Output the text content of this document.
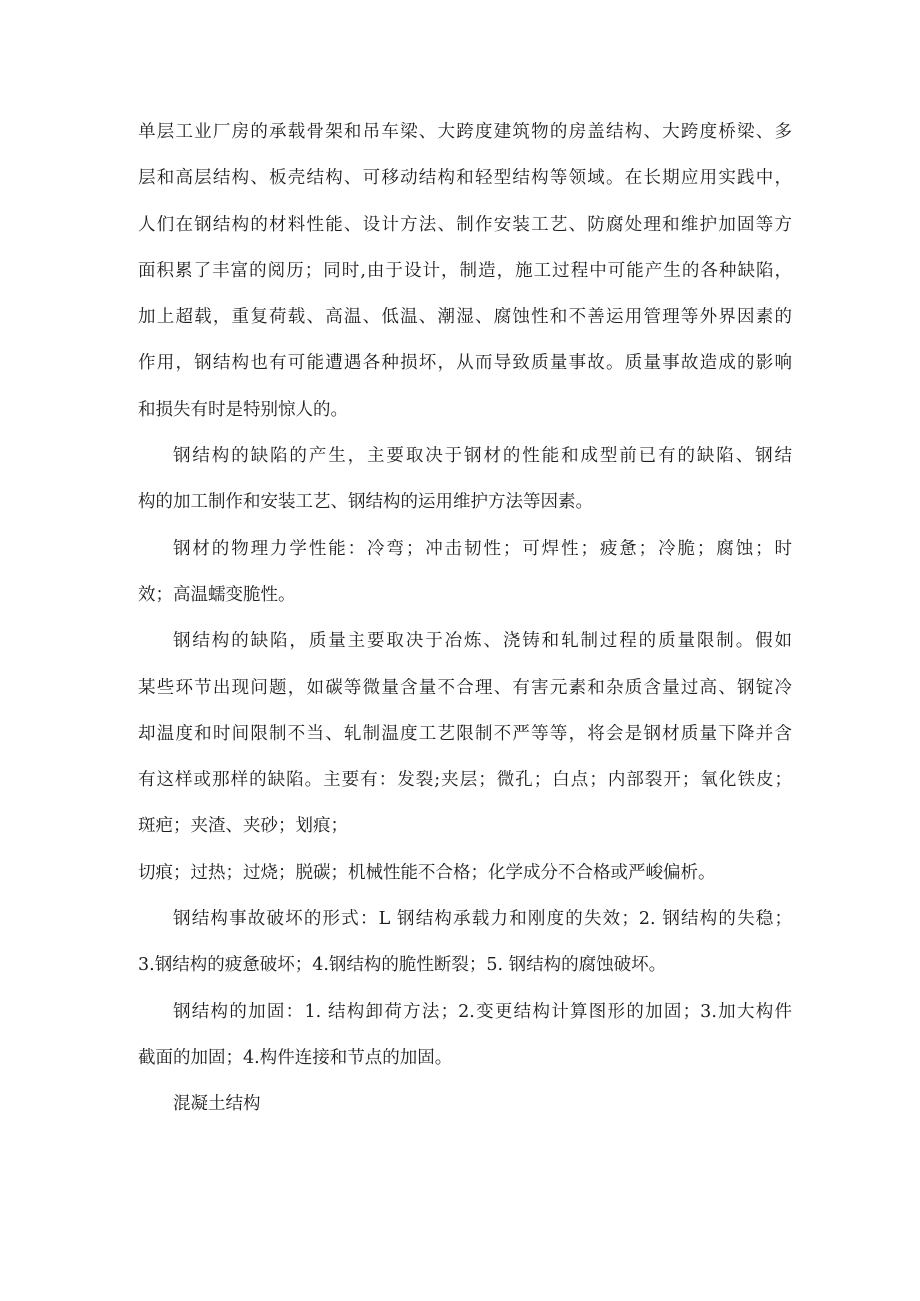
单层工业厂房的承载骨架和吊车梁、大跨度建筑物的房盖结构、大跨度桥梁、多
层和高层结构、板壳结构、可移动结构和轻型结构等领域。在长期应用实践中，
人们在钢结构的材料性能、设计方法、制作安装工艺、防腐处理和维护加固等方
面积累了丰富的阅历；同时,由于设计，制造，施工过程中可能产生的各种缺陷，
加上超载，重复荷载、高温、低温、潮湿、腐蚀性和不善运用管理等外界因素的
作用，钢结构也有可能遭遇各种损坏，从而导致质量事故。质量事故造成的影响
和损失有时是特别惊人的。
钢结构的缺陷的产生，主要取决于钢材的性能和成型前已有的缺陷、钢结
构的加工制作和安装工艺、钢结构的运用维护方法等因素。
钢材的物理力学性能：冷弯；冲击韧性；可焊性；疲惫；冷脆；腐蚀；时
效；高温蠕变脆性。
钢结构的缺陷，质量主要取决于冶炼、浇铸和轧制过程的质量限制。假如
某些环节出现问题，如碳等微量含量不合理、有害元素和杂质含量过高、钢锭冷
却温度和时间限制不当、轧制温度工艺限制不严等等，将会是钢材质量下降并含
有这样或那样的缺陷。主要有：发裂;夹层；微孔；白点；内部裂开；氧化铁皮；
斑疤；夹渣、夹砂；划痕；
切痕；过热；过烧；脱碳；机械性能不合格；化学成分不合格或严峻偏析。
钢结构事故破坏的形式：L 钢结构承载力和刚度的失效；2. 钢结构的失稳；
3.钢结构的疲惫破坏；4.钢结构的脆性断裂；5. 钢结构的腐蚀破坏。
钢结构的加固：1. 结构卸荷方法；2.变更结构计算图形的加固；3.加大构件
截面的加固；4.构件连接和节点的加固。
混凝土结构
